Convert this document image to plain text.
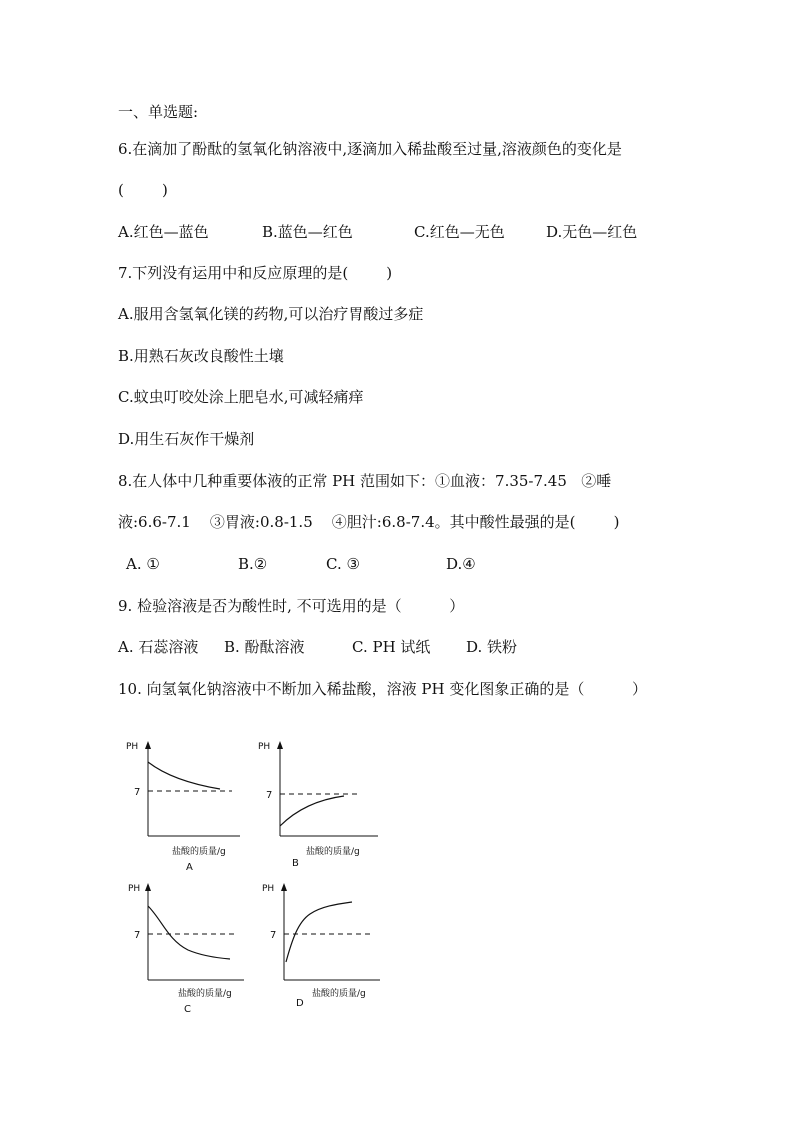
一、单选题:
6.在滴加了酚酞的氢氧化钠溶液中,逐滴加入稀盐酸至过量,溶液颜色的变化是
(        )
A.红色—蓝色	B.蓝色—红色	C.红色—无色	D.无色—红色
7.下列没有运用中和反应原理的是(        )
A.服用含氢氧化镁的药物,可以治疗胃酸过多症
B.用熟石灰改良酸性土壤
C.蚊虫叮咬处涂上肥皂水,可减轻痛痒
D.用生石灰作干燥剂
8.在人体中几种重要体液的正常 PH 范围如下：①血液：7.35-7.45   ②唾
液:6.6-7.1    ③胃液:0.8-1.5    ④胆汁:6.8-7.4。其中酸性最强的是(        )
A. ①	B.②	C. ③	D.④
9. 检验溶液是否为酸性时, 不可选用的是（          ）
A. 石蕊溶液 B. 酚酞溶液	C. PH 试纸 D. 铁粉
10. 向氢氧化钠溶液中不断加入稀盐酸，溶液 PH 变化图象正确的是（          ）
PH
7
盐酸的质量/g
A
PH
7
盐酸的质量/g
B
PH
7
盐酸的质量/g
C
PH
7
盐酸的质量/g
D
